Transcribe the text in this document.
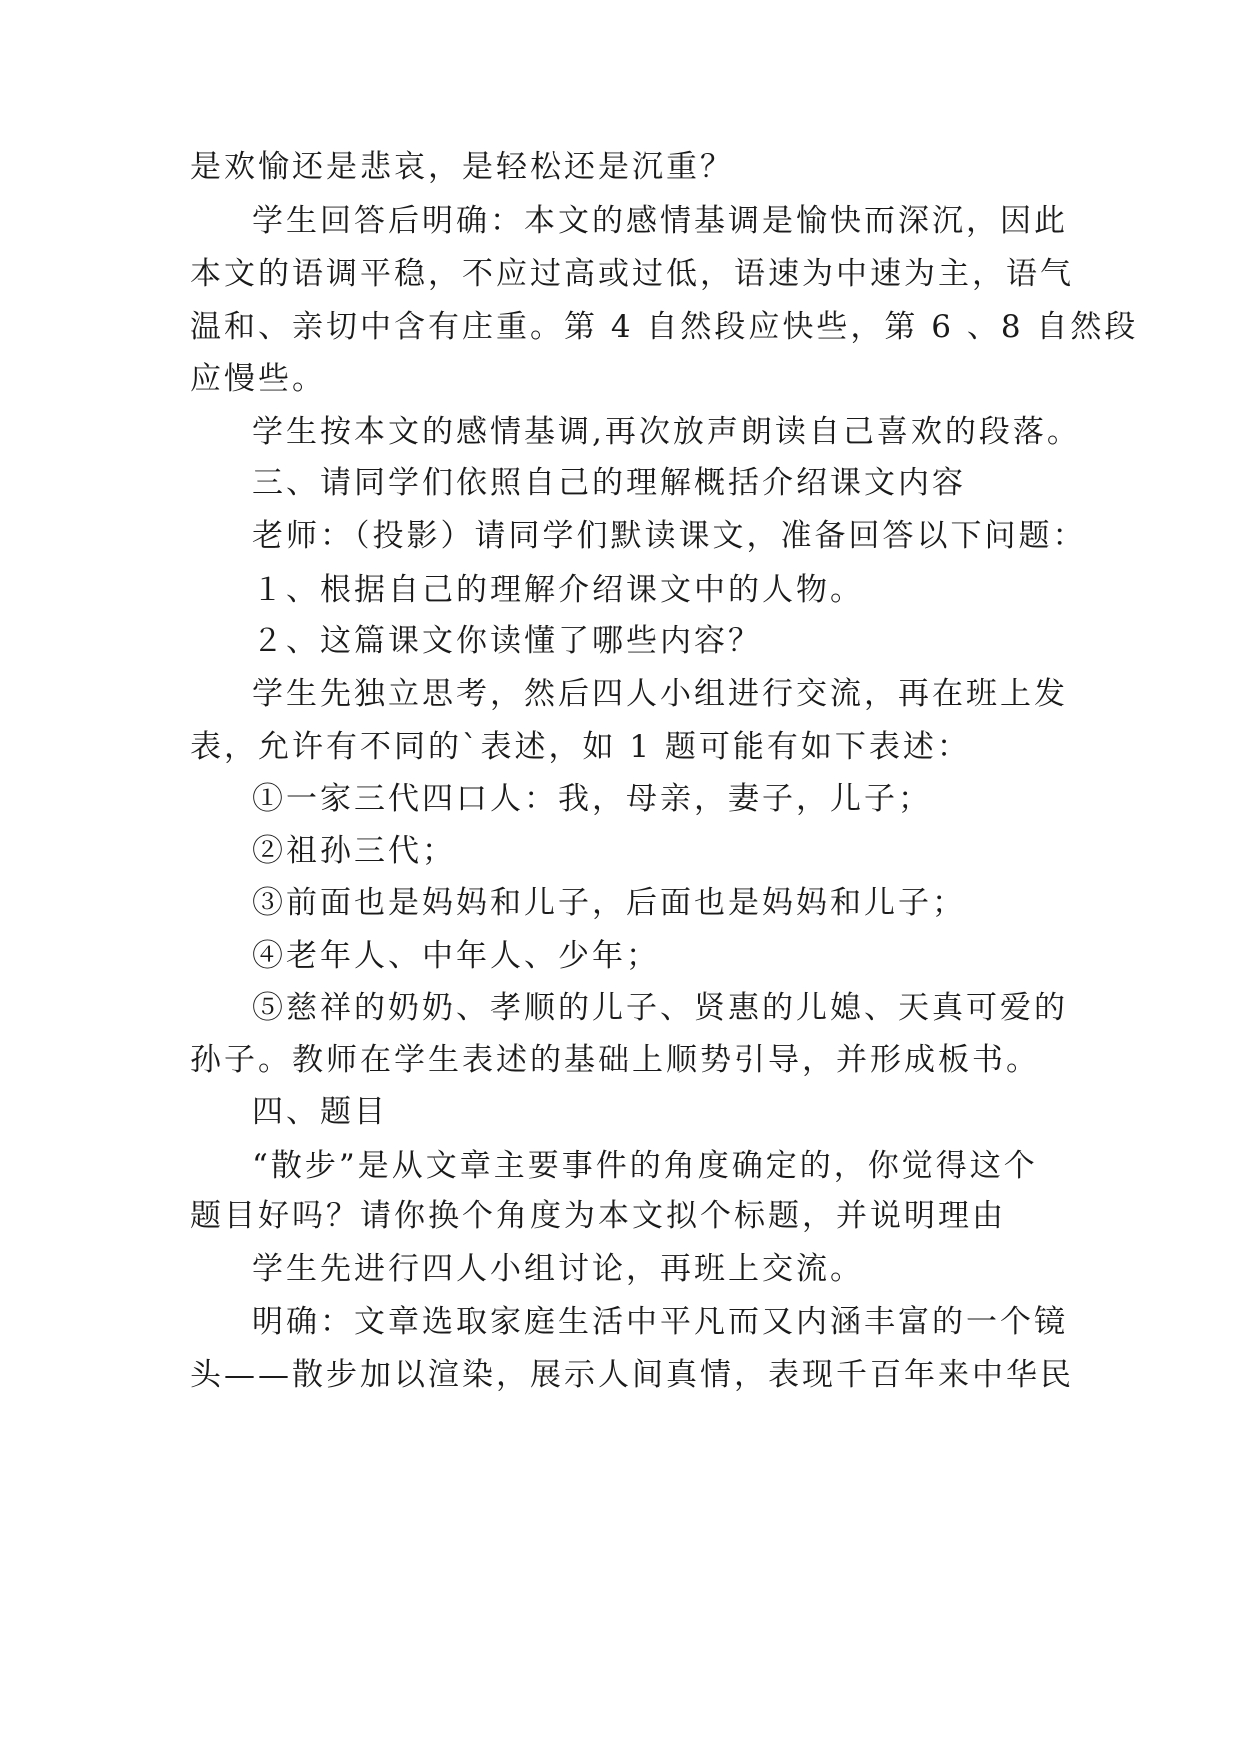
是欢愉还是悲哀，是轻松还是沉重？
学生回答后明确：本文的感情基调是愉快而深沉，因此
本文的语调平稳，不应过高或过低，语速为中速为主，语气
温和、亲切中含有庄重。第 4 自然段应快些，第 6 、8 自然段
应慢些。
学生按本文的感情基调,再次放声朗读自己喜欢的段落。
三、请同学们依照自己的理解概括介绍课文内容
老师：（投影）请同学们默读课文，准备回答以下问题：
１、根据自己的理解介绍课文中的人物。
２、这篇课文你读懂了哪些内容？
学生先独立思考，然后四人小组进行交流，再在班上发
表，允许有不同的`表述，如 1 题可能有如下表述：
①一家三代四口人：我，母亲，妻子，儿子；
②祖孙三代；
③前面也是妈妈和儿子，后面也是妈妈和儿子；
④老年人、中年人、少年；
⑤慈祥的奶奶、孝顺的儿子、贤惠的儿媳、天真可爱的
孙子。教师在学生表述的基础上顺势引导，并形成板书。
四、题目
“散步”是从文章主要事件的角度确定的，你觉得这个
题目好吗？请你换个角度为本文拟个标题，并说明理由
学生先进行四人小组讨论，再班上交流。
明确：文章选取家庭生活中平凡而又内涵丰富的一个镜
头——散步加以渲染，展示人间真情，表现千百年来中华民
